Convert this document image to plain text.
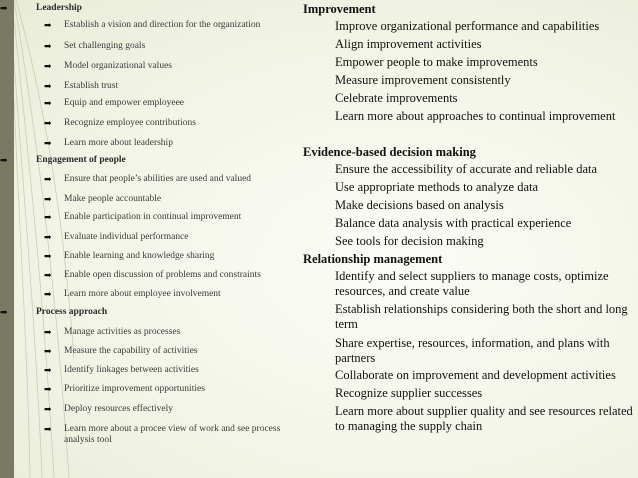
➡	Leadership
➡ Establish a vision and direction for the organization
➡ Set challenging goals
➡ Model organizational values
➡ Establish trust
➡ Equip and empower employeee
➡ Recognize employee contributions
➡ Learn more about leadership
➡	Engagement of people
➡ Ensure that people’s abilities are used and valued
➡ Make people accountable
➡ Enable participation in continual improvement
➡ Evaluate individual performance
➡ Enable learning and knowledge sharing
➡ Enable open discussion of problems and constraints
➡ Learn more about employee involvement
➡	Process approach
➡ Manage activities as processes
➡ Measure the capability of activities
➡ Identify linkages between activities
➡ Prioritize improvement opportunities
➡ Deploy resources effectively
➡ Learn more about a procee view of work and see process analysis tool
Improvement
Improve organizational performance and capabilities
Align improvement activities
Empower people to make improvements
Measure improvement consistently
Celebrate improvements
Learn more about approaches to continual improvement
Evidence-based decision making
Ensure the accessibility of accurate and reliable data
Use appropriate methods to analyze data
Make decisions based on analysis
Balance data analysis with practical experience
See tools for decision making
Relationship management
Identify and select suppliers to manage costs, optimize resources, and create value
Establish relationships considering both the short and long term
Share expertise, resources, information, and plans with partners
Collaborate on improvement and development activities
Recognize supplier successes
Learn more about supplier quality and see resources related to managing the supply chain
